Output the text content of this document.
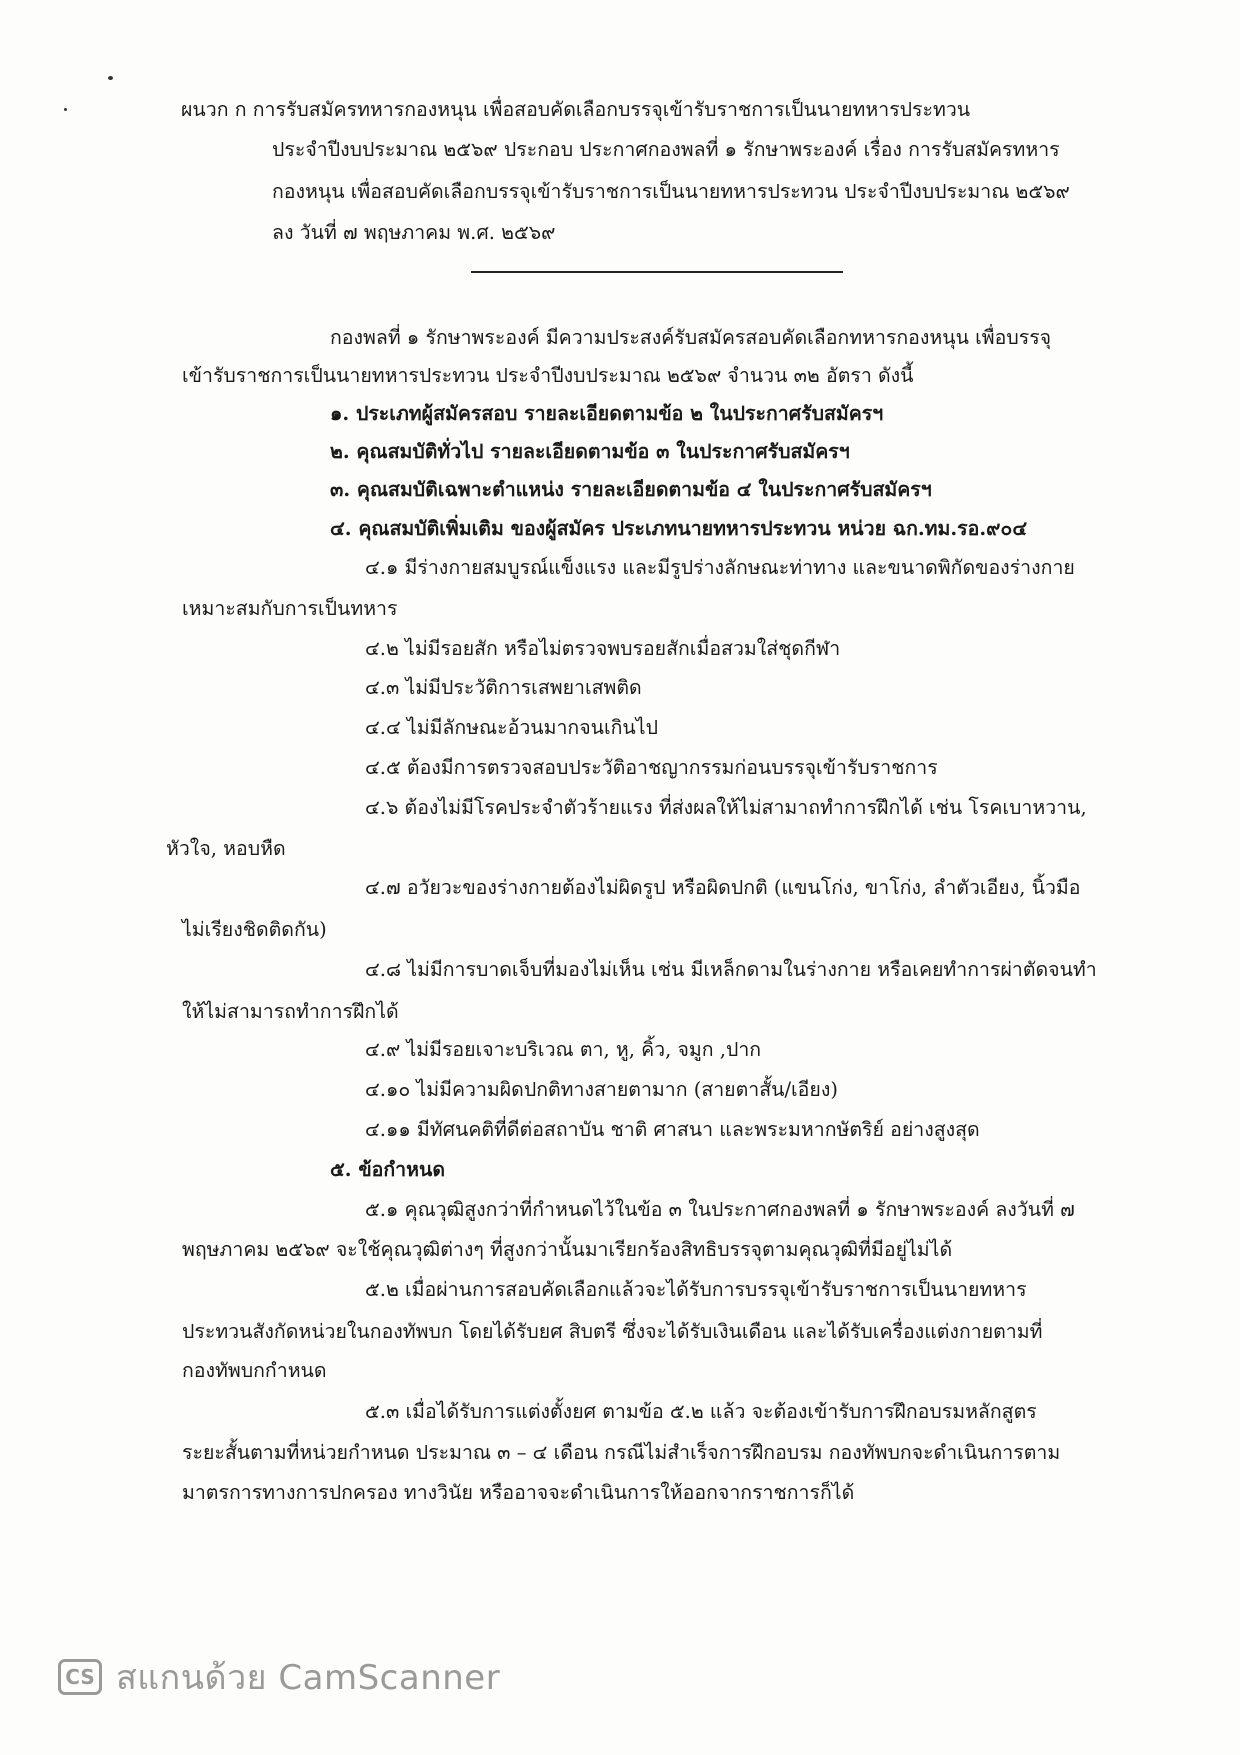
ผนวก ก การรับสมัครทหารกองหนุน เพื่อสอบคัดเลือกบรรจุเข้ารับราชการเป็นนายทหารประทวน
ประจำปีงบประมาณ ๒๕๖๙ ประกอบ ประกาศกองพลที่ ๑ รักษาพระองค์ เรื่อง การรับสมัครทหาร
กองหนุน เพื่อสอบคัดเลือกบรรจุเข้ารับราชการเป็นนายทหารประทวน ประจำปีงบประมาณ ๒๕๖๙
ลง วันที่ ๗ พฤษภาคม พ.ศ. ๒๕๖๙
กองพลที่ ๑ รักษาพระองค์ มีความประสงค์รับสมัครสอบคัดเลือกทหารกองหนุน เพื่อบรรจุ
เข้ารับราชการเป็นนายทหารประทวน ประจำปีงบประมาณ ๒๕๖๙ จำนวน ๓๒ อัตรา ดังนี้
๑. ประเภทผู้สมัครสอบ รายละเอียดตามข้อ ๒ ในประกาศรับสมัครฯ
๒. คุณสมบัติทั่วไป รายละเอียดตามข้อ ๓ ในประกาศรับสมัครฯ
๓. คุณสมบัติเฉพาะตำแหน่ง รายละเอียดตามข้อ ๔ ในประกาศรับสมัครฯ
๔. คุณสมบัติเพิ่มเติม ของผู้สมัคร ประเภทนายทหารประทวน หน่วย ฉก.ทม.รอ.๙๐๔
๔.๑ มีร่างกายสมบูรณ์แข็งแรง และมีรูปร่างลักษณะท่าทาง และขนาดพิกัดของร่างกาย
เหมาะสมกับการเป็นทหาร
๔.๒ ไม่มีรอยสัก หรือไม่ตรวจพบรอยสักเมื่อสวมใส่ชุดกีฬา
๔.๓ ไม่มีประวัติการเสพยาเสพติด
๔.๔ ไม่มีลักษณะอ้วนมากจนเกินไป
๔.๕ ต้องมีการตรวจสอบประวัติอาชญากรรมก่อนบรรจุเข้ารับราชการ
๔.๖ ต้องไม่มีโรคประจำตัวร้ายแรง ที่ส่งผลให้ไม่สามาถทำการฝึกได้ เช่น โรคเบาหวาน,
หัวใจ, หอบหืด
๔.๗ อวัยวะของร่างกายต้องไม่ผิดรูป หรือผิดปกติ (แขนโก่ง, ขาโก่ง, ลำตัวเอียง, นิ้วมือ
ไม่เรียงชิดติดกัน)
๔.๘ ไม่มีการบาดเจ็บที่มองไม่เห็น เช่น มีเหล็กดามในร่างกาย หรือเคยทำการผ่าตัดจนทำ
ให้ไม่สามารถทำการฝึกได้
๔.๙ ไม่มีรอยเจาะบริเวณ ตา, หู, คิ้ว, จมูก ,ปาก
๔.๑๐ ไม่มีความผิดปกติทางสายตามาก (สายตาสั้น/เอียง)
๔.๑๑ มีทัศนคติที่ดีต่อสถาบัน ชาติ ศาสนา และพระมหากษัตริย์ อย่างสูงสุด
๕. ข้อกำหนด
๕.๑ คุณวุฒิสูงกว่าที่กำหนดไว้ในข้อ ๓ ในประกาศกองพลที่ ๑ รักษาพระองค์ ลงวันที่ ๗
พฤษภาคม ๒๕๖๙ จะใช้คุณวุฒิต่างๆ ที่สูงกว่านั้นมาเรียกร้องสิทธิบรรจุตามคุณวุฒิที่มีอยู่ไม่ได้
๕.๒ เมื่อผ่านการสอบคัดเลือกแล้วจะได้รับการบรรจุเข้ารับราชการเป็นนายทหาร
ประทวนสังกัดหน่วยในกองทัพบก โดยได้รับยศ สิบตรี ซึ่งจะได้รับเงินเดือน และได้รับเครื่องแต่งกายตามที่
กองทัพบกกำหนด
๕.๓ เมื่อได้รับการแต่งตั้งยศ ตามข้อ ๕.๒ แล้ว จะต้องเข้ารับการฝึกอบรมหลักสูตร
ระยะสั้นตามที่หน่วยกำหนด ประมาณ ๓ – ๔ เดือน กรณีไม่สำเร็จการฝึกอบรม กองทัพบกจะดำเนินการตาม
มาตรการทางการปกครอง ทางวินัย หรืออาจจะดำเนินการให้ออกจากราชการก็ได้
CS สแกนด้วย CamScanner
